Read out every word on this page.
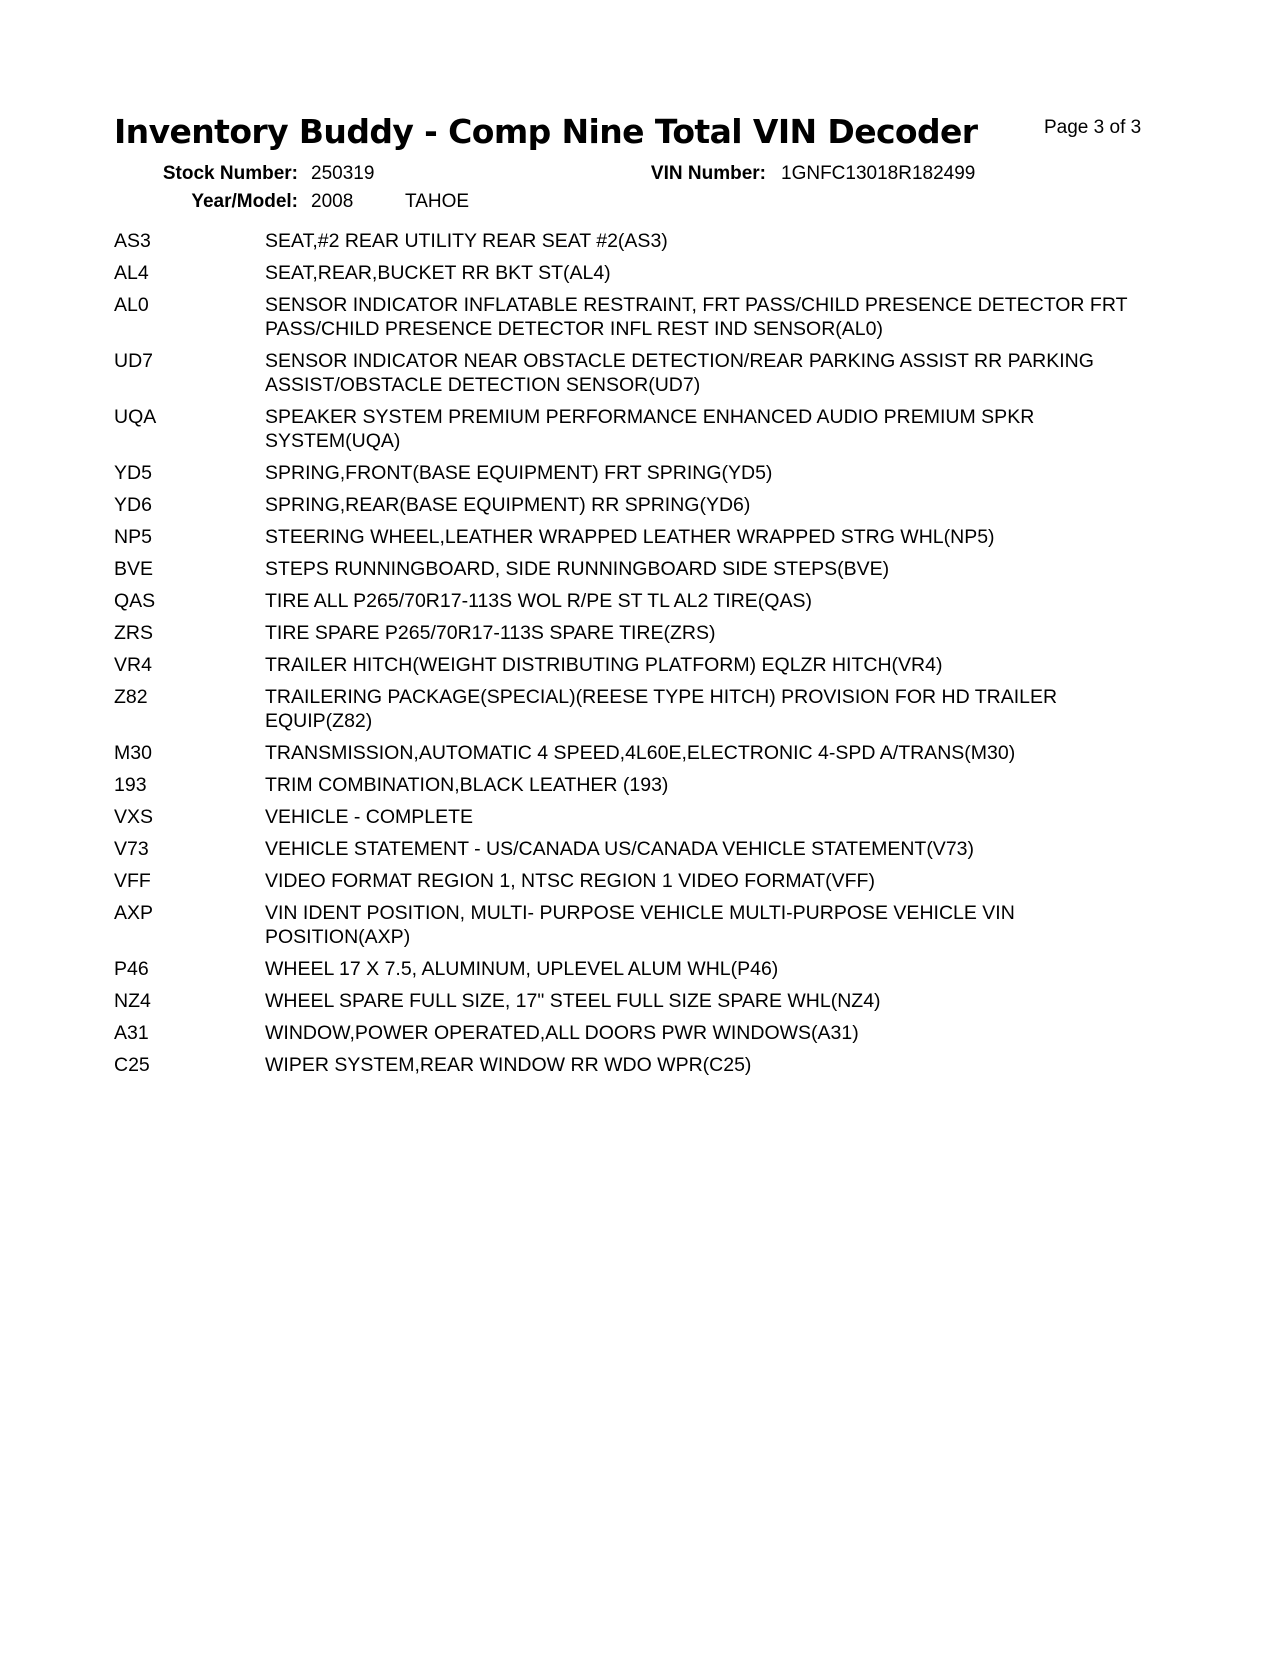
Inventory Buddy - Comp Nine Total VIN Decoder	Page 3 of 3
Stock Number: 250319	VIN Number: 1GNFC13018R182499
Year/Model: 2008	TAHOE
AS3	SEAT,#2 REAR UTILITY REAR SEAT #2(AS3)
AL4	SEAT,REAR,BUCKET RR BKT ST(AL4)
AL0	SENSOR INDICATOR INFLATABLE RESTRAINT, FRT PASS/CHILD PRESENCE DETECTOR FRT PASS/CHILD PRESENCE DETECTOR INFL REST IND SENSOR(AL0)
UD7	SENSOR INDICATOR NEAR OBSTACLE DETECTION/REAR PARKING ASSIST RR PARKING ASSIST/OBSTACLE DETECTION SENSOR(UD7)
UQA	SPEAKER SYSTEM PREMIUM PERFORMANCE ENHANCED AUDIO PREMIUM SPKR SYSTEM(UQA)
YD5	SPRING,FRONT(BASE EQUIPMENT) FRT SPRING(YD5)
YD6	SPRING,REAR(BASE EQUIPMENT) RR SPRING(YD6)
NP5	STEERING WHEEL,LEATHER WRAPPED LEATHER WRAPPED STRG WHL(NP5)
BVE	STEPS RUNNINGBOARD, SIDE RUNNINGBOARD SIDE STEPS(BVE)
QAS	TIRE ALL P265/70R17-113S WOL R/PE ST TL AL2 TIRE(QAS)
ZRS	TIRE SPARE P265/70R17-113S SPARE TIRE(ZRS)
VR4	TRAILER HITCH(WEIGHT DISTRIBUTING PLATFORM) EQLZR HITCH(VR4)
Z82	TRAILERING PACKAGE(SPECIAL)(REESE TYPE HITCH) PROVISION FOR HD TRAILER EQUIP(Z82)
M30	TRANSMISSION,AUTOMATIC 4 SPEED,4L60E,ELECTRONIC 4-SPD A/TRANS(M30)
193	TRIM COMBINATION,BLACK LEATHER (193)
VXS	VEHICLE - COMPLETE
V73	VEHICLE STATEMENT - US/CANADA US/CANADA VEHICLE STATEMENT(V73)
VFF	VIDEO FORMAT REGION 1, NTSC REGION 1 VIDEO FORMAT(VFF)
AXP	VIN IDENT POSITION, MULTI- PURPOSE VEHICLE MULTI-PURPOSE VEHICLE VIN POSITION(AXP)
P46	WHEEL 17 X 7.5, ALUMINUM, UPLEVEL ALUM WHL(P46)
NZ4	WHEEL SPARE FULL SIZE, 17" STEEL FULL SIZE SPARE WHL(NZ4)
A31	WINDOW,POWER OPERATED,ALL DOORS PWR WINDOWS(A31)
C25	WIPER SYSTEM,REAR WINDOW RR WDO WPR(C25)
